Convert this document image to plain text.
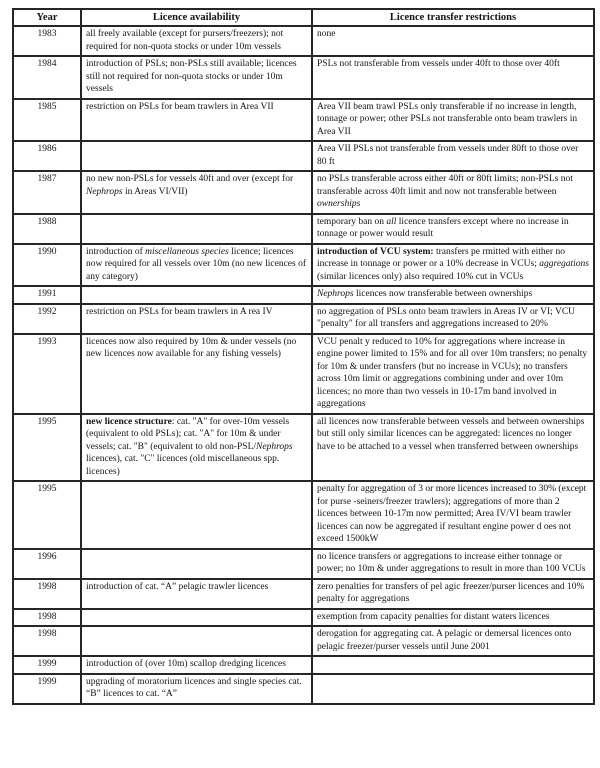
Year	Licence availability	Licence transfer restrictions
1983	all freely available (except for pursers/freezers); not required for non-quota stocks or under 10m vessels	none
1984	introduction of PSLs; non-PSLs still available; licences still not required for non-quota stocks or under 10m vessels	PSLs not transferable from vessels under 40ft to those over 40ft
1985	restriction on PSLs for beam trawlers in Area VII	Area VII beam trawl PSLs only transferable if no increase in length, tonnage or power; other PSLs not transferable onto beam trawlers in Area VII
1986		Area VII PSLs not transferable from vessels under 80ft to those over 80 ft
1987	no new non-PSLs for vessels 40ft and over (except for Nephrops in Areas VI/VII)	no PSLs transferable across either 40ft or 80ft limits; non-PSLs not transferable across 40ft limit and now not transferable between ownerships
1988		temporary ban on all licence transfers except where no increase in tonnage or power would result
1990	introduction of miscellaneous species licence; licences now required for all vessels over 10m (no new licences of any category)	introduction of VCU system: transfers pe rmitted with either no increase in tonnage or power or a 10% decrease in VCUs; aggregations (similar licences only) also required 10% cut in VCUs
1991		Nephrops licences now transferable between ownerships
1992	restriction on PSLs for beam trawlers in A rea IV	no aggregation of PSLs onto beam trawlers in Areas IV or VI; VCU "penalty" for all transfers and aggregations increased to 20%
1993	licences now also required by 10m & under vessels (no new licences now available for any fishing vessels)	VCU penalt y reduced to 10% for aggregations where increase in engine power limited to 15% and for all over 10m transfers; no penalty for 10m & under transfers (but no increase in VCUs); no transfers across 10m limit or aggregations combining under and over 10m licences; no more than two vessels in 10-17m band involved in aggregations
1995	new licence structure: cat. "A" for over-10m vessels (equivalent to old PSLs); cat. "A" for 10m & under vessels; cat. "B" (equivalent to old non-PSL/Nephrops licences), cat. "C" licences (old miscellaneous spp. licences)	all licences now transferable between vessels and between ownerships but still only similar licences can be aggregated: licences no longer have to be attached to a vessel when transferred between ownerships
1995		penalty for aggregation of 3 or more licences increased to 30% (except for purse -seiners/freezer trawlers); aggregations of more than 2 licences between 10-17m now permitted; Area IV/VI beam trawler licences can now be aggregated if resultant engine power d oes not exceed 1500kW
1996		no licence transfers or aggregations to increase either tonnage or power; no 10m & under aggregations to result in more than 100 VCUs
1998	introduction of cat. “A” pelagic trawler licences	zero penalties for transfers of pel agic freezer/purser licences and 10% penalty for aggregations
1998		exemption from capacity penalties for distant waters licences
1998		derogation for aggregating cat. A pelagic or demersal licences onto pelagic freezer/purser vessels until June 2001
1999	introduction of (over 10m) scallop dredging licences	
1999	upgrading of moratorium licences and single species cat. “B” licences to cat. “A”	
